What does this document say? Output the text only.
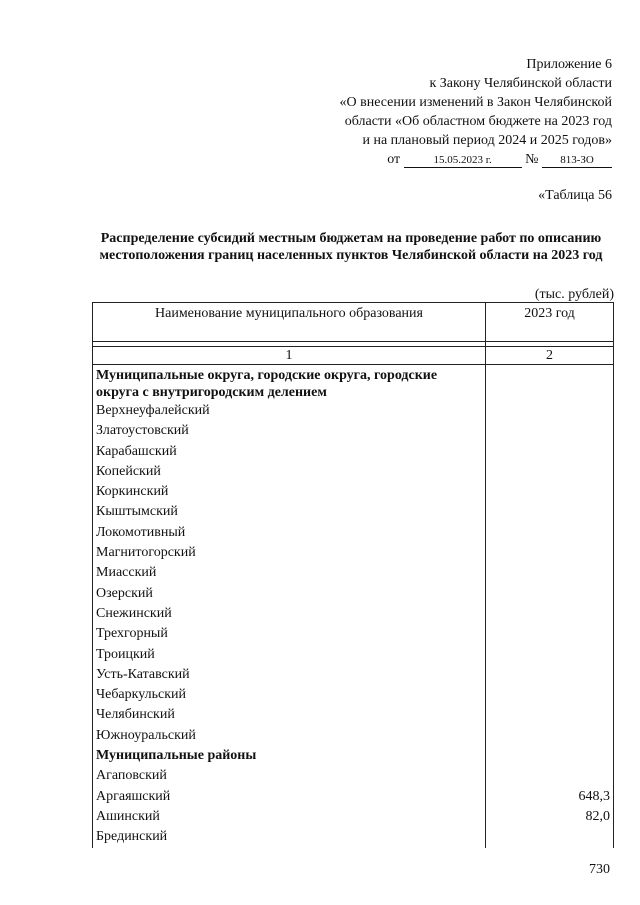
Приложение 6
к Закону Челябинской области
«О внесении изменений в Закон Челябинской
области «Об областном бюджете на 2023 год
и на плановый период 2024 и 2025 годов»
от	15.05.2023 г. № 813-ЗО
«Таблица 56
Распределение субсидий местным бюджетам на проведение работ по описанию местоположения границ населенных пунктов Челябинской области на 2023 год
(тыс. рублей)
Наименование муниципального образования	2023 год

1	2
Муниципальные округа, городские округа, городские округа с внутригородским делением	
Верхнеуфалейский	
Златоустовский	
Карабашский	
Копейский	
Коркинский	
Кыштымский	
Локомотивный	
Магнитогорский	
Миасский	
Озерский	
Снежинский	
Трехгорный	
Троицкий	
Усть-Катавский	
Чебаркульский	
Челябинский	
Южноуральский	
Муниципальные районы	
Агаповский	
Аргаяшский	648,3
Ашинский	82,0
Брединский	
730
